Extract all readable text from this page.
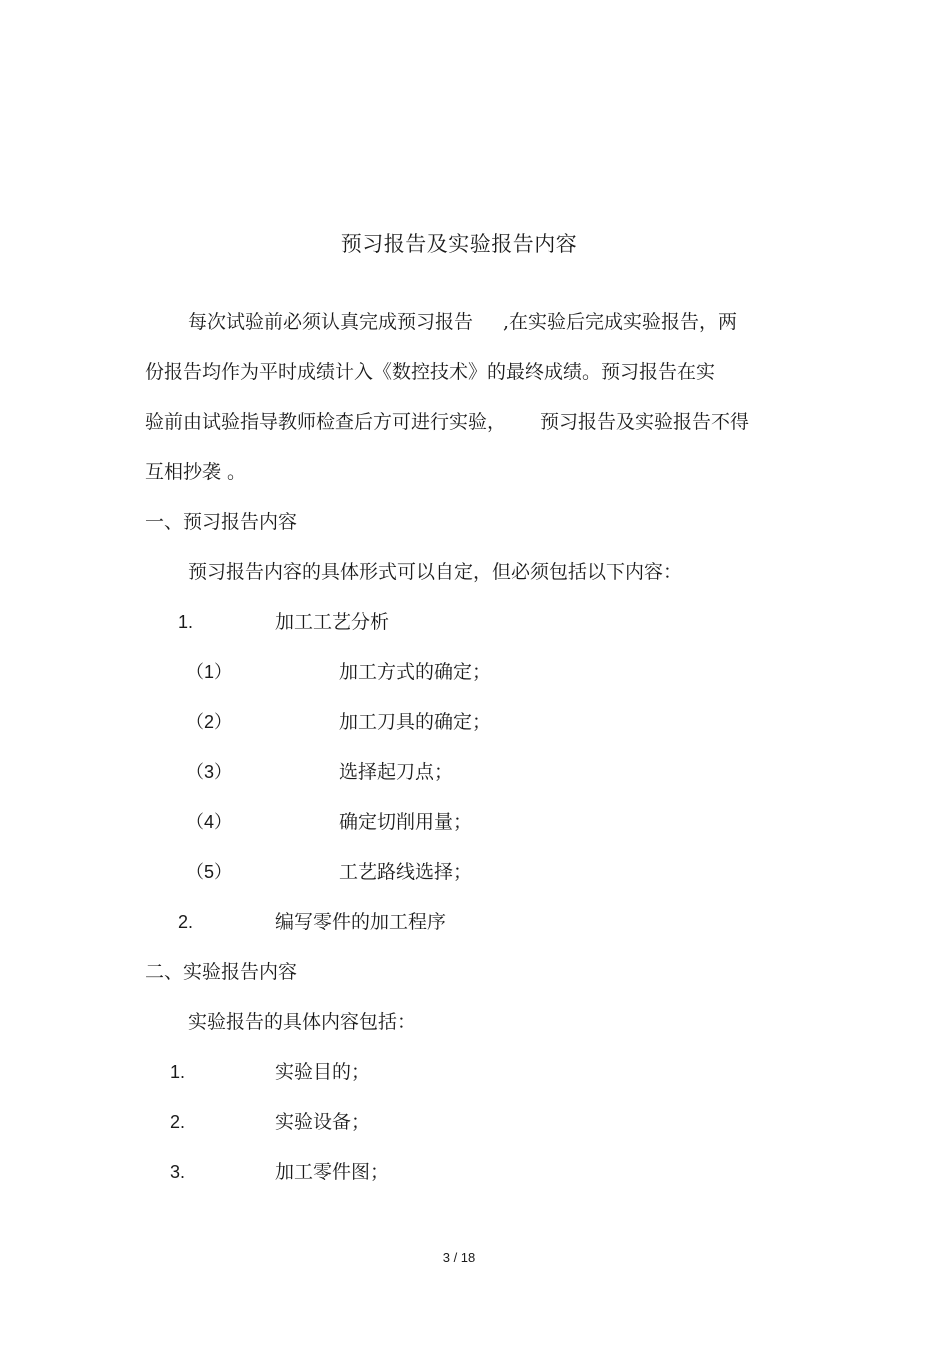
预习报告及实验报告内容
每次试验前必须认真完成预习报告 ,在实验后完成实验报告，两
份报告均作为平时成绩计入《数控技术》的最终成绩。预习报告在实
验前由试验指导教师检查后方可进行实验， 预习报告及实验报告不得
互相抄袭 。
一、预习报告内容
预习报告内容的具体形式可以自定，但必须包括以下内容：
1.	加工工艺分析
（1）	加工方式的确定；
（2）	加工刀具的确定；
（3）	选择起刀点；
（4）	确定切削用量；
（5）	工艺路线选择；
2.	编写零件的加工程序
二、实验报告内容
实验报告的具体内容包括：
1.	实验目的；
2.	实验设备；
3.	加工零件图；
3 / 18
